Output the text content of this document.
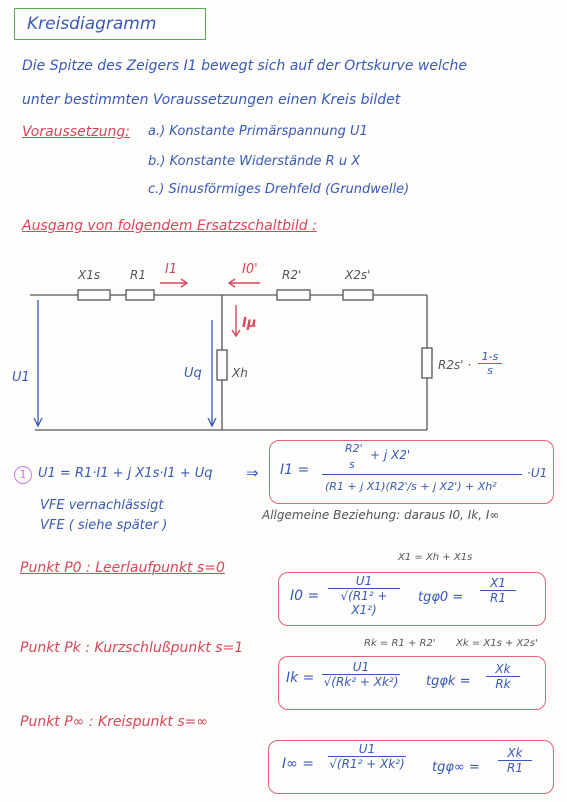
Kreisdiagramm
Die Spitze des Zeigers I1 bewegt sich auf der Ortskurve welche
unter bestimmten Voraussetzungen einen Kreis bildet
Voraussetzung: a.) Konstante Primärspannung U1
b.) Konstante Widerstände R u X
c.) Sinusförmiges Drehfeld (Grundwelle)
Ausgang von folgendem Ersatzschaltbild :
X1s R1 I1	I0' R2'	X2s'
Iμ
U1	Uq	Xh
$R2s' \cdot \frac{1-s}{s}$
1 U1 = R1·I1 + j X1s·I1 + Uq ⇒ I1 =
R2'
s
+ j X2'
(R1 + j X1)(R2'/s + j X2') + Xh²
·U1
VFE vernachlässigt
VFE ( siehe später )
Allgemeine Beziehung: daraus I0, Ik, I∞
Punkt P0 : Leerlaufpunkt s=0
X1 = Xh + X1s
$I0 = \frac{U1}{\text{√(R1² + X1²)}} tg\varphi 0 = \frac{X1}{R1}$
Punkt Pk : Kurzschlußpunkt s=1	Rk = R1 + R2' Xk = X1s + X2s'
$Ik = \frac{U1}{\text{√(Rk² + Xk²)}}$ $tg\varphi k = \frac{Xk}{Rk}$
Punkt P∞ : Kreispunkt s=∞
$I\infty = \frac{U1}{\text{√(R1² + Xk²)}} tg\varphi\infty = \frac{Xk}{R1}$
